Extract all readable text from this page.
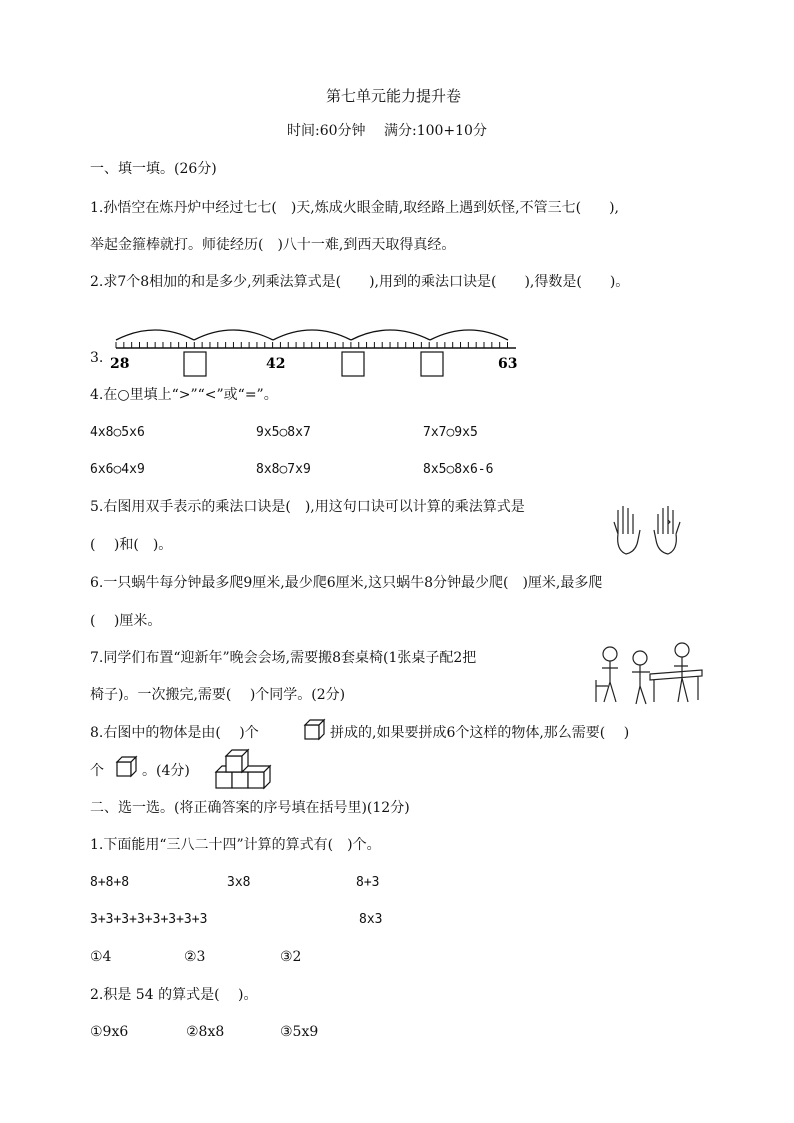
第七单元能力提升卷
时间:60分钟　 满分:100+10分
一、填一填。(26分)
1.孙悟空在炼丹炉中经过七七(　)天,炼成火眼金睛,取经路上遇到妖怪,不管三七(　　),
举起金箍棒就打。师徒经历(　)八十一难,到西天取得真经。
2.求7个8相加的和是多少,列乘法算式是(　　),用到的乘法口诀是(　　),得数是(　　)。
3. 28	42	63
4.在○里填上“>”“<”或“=”。
4x8○5x6	9x5○8x7	7x7○9x5
6x6○4x9	8x8○7x9	8x5○8x6-6
5.右图用双手表示的乘法口诀是(　),用这句口诀可以计算的乘法算式是
(　 )和(　)。
6.一只蜗牛每分钟最多爬9厘米,最少爬6厘米,这只蜗牛8分钟最少爬(　)厘米,最多爬
(　 )厘米。
7.同学们布置“迎新年”晚会会场,需要搬8套桌椅(1张桌子配2把
椅子)。一次搬完,需要(　 )个同学。(2分)
8.右图中的物体是由(　 )个	拼成的,如果要拼成6个这样的物体,那么需要(　 )
个	。(4分)
二、选一选。(将正确答案的序号填在括号里)(12分)
1.下面能用“三八二十四”计算的算式有(　)个。
8+8+8	3x8	8+3
3+3+3+3+3+3+3+3	8x3
①4	②3	③2
2.积是 54 的算式是(　 )。
①9x6	②8x8	③5x9
